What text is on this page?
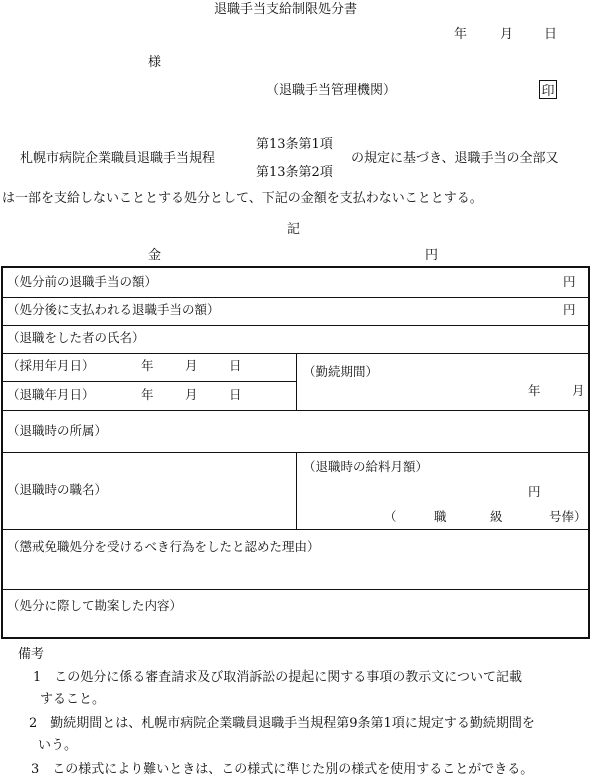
退職手当支給制限処分書
年	月 日
様
（退職手当管理機関）	印
第13条第1項
札幌市病院企業職員退職手当規程	の規定に基づき、退職手当の全部又
第13条第2項
は一部を支給しないこととする処分として、下記の金額を支払わないこととする。
記
金	円
（処分前の退職手当の額）	円
（処分後に支払われる退職手当の額）	円
（退職をした者の氏名）
（採用年月日）	年	月	日
（退職年月日）	年	月	日
（勤続期間）
年	月
（退職時の所属）
（退職時の職名）
（退職時の給料月額）
円
（	職	級	号俸）
（懲戒免職処分を受けるべき行為をしたと認めた理由）
（処分に際して勘案した内容）
備考
1　この処分に係る審査請求及び取消訴訟の提起に関する事項の教示文について記載
すること。
2　勤続期間とは、札幌市病院企業職員退職手当規程第9条第1項に規定する勤続期間を
いう。
3　この様式により難いときは、この様式に準じた別の様式を使用することができる。
